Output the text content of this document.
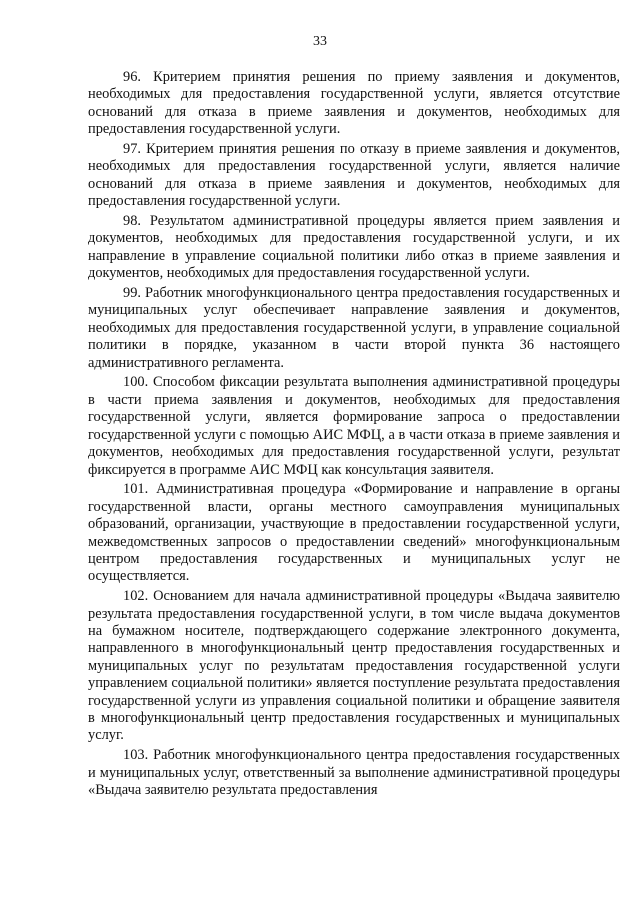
33

96. Критерием принятия решения по приему заявления и документов, необходимых для предоставления государственной услуги, является отсутствие оснований для отказа в приеме заявления и документов, необходимых для предоставления государственной услуги.

97. Критерием принятия решения по отказу в приеме заявления и документов, необходимых для предоставления государственной услуги, является наличие оснований для отказа в приеме заявления и документов, необходимых для предоставления государственной услуги.

98. Результатом административной процедуры является прием заявления и документов, необходимых для предоставления государственной услуги, и их направление в управление социальной политики либо отказ в приеме заявления и документов, необходимых для предоставления государственной услуги.

99. Работник многофункционального центра предоставления государственных и муниципальных услуг обеспечивает направление заявления и документов, необходимых для предоставления государственной услуги, в управление социальной политики в порядке, указанном в части второй пункта 36 настоящего административного регламента.

100. Способом фиксации результата выполнения административной процедуры в части приема заявления и документов, необходимых для предоставления государственной услуги, является формирование запроса о предоставлении государственной услуги с помощью АИС МФЦ, а в части отказа в приеме заявления и документов, необходимых для предоставления государственной услуги, результат фиксируется в программе АИС МФЦ как консультация заявителя.

101. Административная процедура «Формирование и направление в органы государственной власти, органы местного самоуправления муниципальных образований, организации, участвующие в предоставлении государственной услуги, межведомственных запросов о предоставлении сведений» многофункциональным центром предоставления государственных и муниципальных услуг не осуществляется.

102. Основанием для начала административной процедуры «Выдача заявителю результата предоставления государственной услуги, в том числе выдача документов на бумажном носителе, подтверждающего содержание электронного документа, направленного в многофункциональный центр предоставления государственных и муниципальных услуг по результатам предоставления государственной услуги управлением социальной политики» является поступление результата предоставления государственной услуги из управления социальной политики и обращение заявителя в многофункциональный центр предоставления государственных и муниципальных услуг.

103. Работник многофункционального центра предоставления государственных и муниципальных услуг, ответственный за выполнение административной процедуры «Выдача заявителю результата предоставления
